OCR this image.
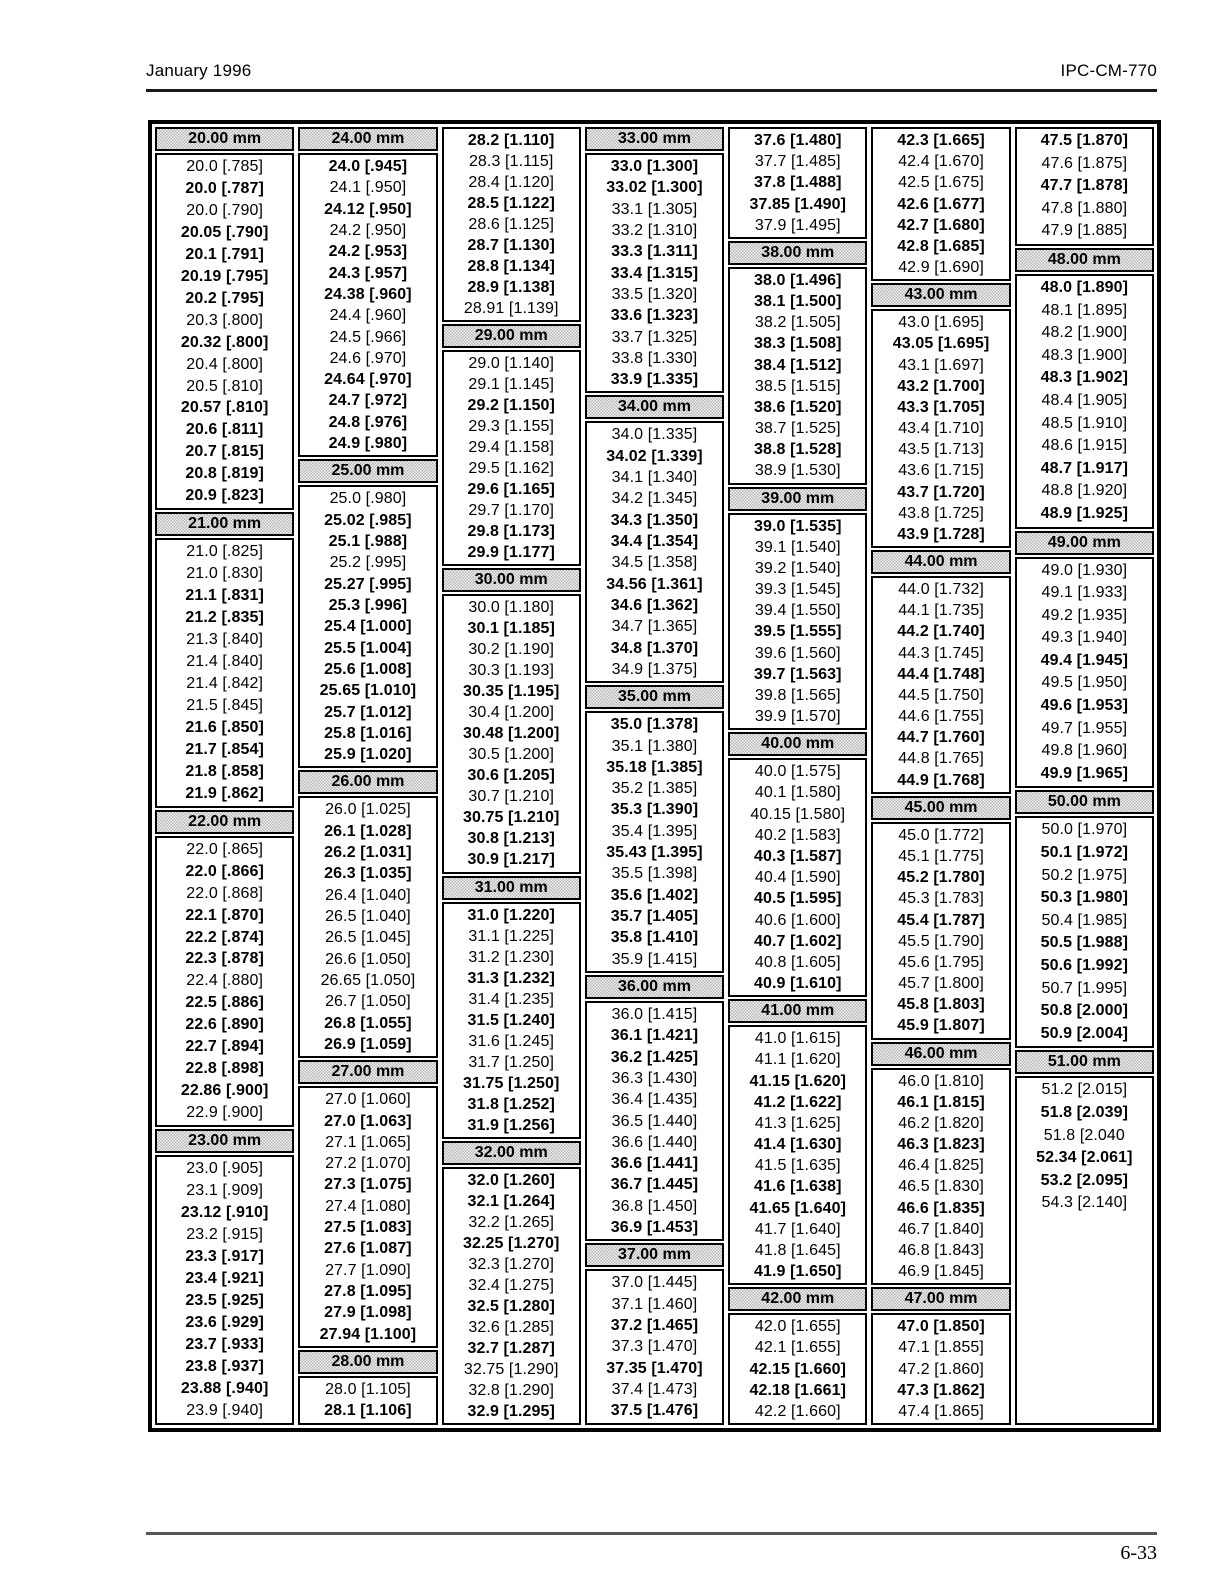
January 1996	IPC-CM-770
20.00 mm
20.0 [.785]
20.0 [.787]
20.0 [.790]
20.05 [.790]
20.1 [.791]
20.19 [.795]
20.2 [.795]
20.3 [.800]
20.32 [.800]
20.4 [.800]
20.5 [.810]
20.57 [.810]
20.6 [.811]
20.7 [.815]
20.8 [.819]
20.9 [.823]
21.00 mm
21.0 [.825]
21.0 [.830]
21.1 [.831]
21.2 [.835]
21.3 [.840]
21.4 [.840]
21.4 [.842]
21.5 [.845]
21.6 [.850]
21.7 [.854]
21.8 [.858]
21.9 [.862]
22.00 mm
22.0 [.865]
22.0 [.866]
22.0 [.868]
22.1 [.870]
22.2 [.874]
22.3 [.878]
22.4 [.880]
22.5 [.886]
22.6 [.890]
22.7 [.894]
22.8 [.898]
22.86 [.900]
22.9 [.900]
23.00 mm
23.0 [.905]
23.1 [.909]
23.12 [.910]
23.2 [.915]
23.3 [.917]
23.4 [.921]
23.5 [.925]
23.6 [.929]
23.7 [.933]
23.8 [.937]
23.88 [.940]
23.9 [.940]
24.00 mm
24.0 [.945]
24.1 [.950]
24.12 [.950]
24.2 [.950]
24.2 [.953]
24.3 [.957]
24.38 [.960]
24.4 [.960]
24.5 [.966]
24.6 [.970]
24.64 [.970]
24.7 [.972]
24.8 [.976]
24.9 [.980]
25.00 mm
25.0 [.980]
25.02 [.985]
25.1 [.988]
25.2 [.995]
25.27 [.995]
25.3 [.996]
25.4 [1.000]
25.5 [1.004]
25.6 [1.008]
25.65 [1.010]
25.7 [1.012]
25.8 [1.016]
25.9 [1.020]
26.00 mm
26.0 [1.025]
26.1 [1.028]
26.2 [1.031]
26.3 [1.035]
26.4 [1.040]
26.5 [1.040]
26.5 [1.045]
26.6 [1.050]
26.65 [1.050]
26.7 [1.050]
26.8 [1.055]
26.9 [1.059]
27.00 mm
27.0 [1.060]
27.0 [1.063]
27.1 [1.065]
27.2 [1.070]
27.3 [1.075]
27.4 [1.080]
27.5 [1.083]
27.6 [1.087]
27.7 [1.090]
27.8 [1.095]
27.9 [1.098]
27.94 [1.100]
28.00 mm
28.0 [1.105]
28.1 [1.106]
28.2 [1.110]
28.3 [1.115]
28.4 [1.120]
28.5 [1.122]
28.6 [1.125]
28.7 [1.130]
28.8 [1.134]
28.9 [1.138]
28.91 [1.139]
29.00 mm
29.0 [1.140]
29.1 [1.145]
29.2 [1.150]
29.3 [1.155]
29.4 [1.158]
29.5 [1.162]
29.6 [1.165]
29.7 [1.170]
29.8 [1.173]
29.9 [1.177]
30.00 mm
30.0 [1.180]
30.1 [1.185]
30.2 [1.190]
30.3 [1.193]
30.35 [1.195]
30.4 [1.200]
30.48 [1.200]
30.5 [1.200]
30.6 [1.205]
30.7 [1.210]
30.75 [1.210]
30.8 [1.213]
30.9 [1.217]
31.00 mm
31.0 [1.220]
31.1 [1.225]
31.2 [1.230]
31.3 [1.232]
31.4 [1.235]
31.5 [1.240]
31.6 [1.245]
31.7 [1.250]
31.75 [1.250]
31.8 [1.252]
31.9 [1.256]
32.00 mm
32.0 [1.260]
32.1 [1.264]
32.2 [1.265]
32.25 [1.270]
32.3 [1.270]
32.4 [1.275]
32.5 [1.280]
32.6 [1.285]
32.7 [1.287]
32.75 [1.290]
32.8 [1.290]
32.9 [1.295]
33.00 mm
33.0 [1.300]
33.02 [1.300]
33.1 [1.305]
33.2 [1.310]
33.3 [1.311]
33.4 [1.315]
33.5 [1.320]
33.6 [1.323]
33.7 [1.325]
33.8 [1.330]
33.9 [1.335]
34.00 mm
34.0 [1.335]
34.02 [1.339]
34.1 [1.340]
34.2 [1.345]
34.3 [1.350]
34.4 [1.354]
34.5 [1.358]
34.56 [1.361]
34.6 [1.362]
34.7 [1.365]
34.8 [1.370]
34.9 [1.375]
35.00 mm
35.0 [1.378]
35.1 [1.380]
35.18 [1.385]
35.2 [1.385]
35.3 [1.390]
35.4 [1.395]
35.43 [1.395]
35.5 [1.398]
35.6 [1.402]
35.7 [1.405]
35.8 [1.410]
35.9 [1.415]
36.00 mm
36.0 [1.415]
36.1 [1.421]
36.2 [1.425]
36.3 [1.430]
36.4 [1.435]
36.5 [1.440]
36.6 [1.440]
36.6 [1.441]
36.7 [1.445]
36.8 [1.450]
36.9 [1.453]
37.00 mm
37.0 [1.445]
37.1 [1.460]
37.2 [1.465]
37.3 [1.470]
37.35 [1.470]
37.4 [1.473]
37.5 [1.476]
37.6 [1.480]
37.7 [1.485]
37.8 [1.488]
37.85 [1.490]
37.9 [1.495]
38.00 mm
38.0 [1.496]
38.1 [1.500]
38.2 [1.505]
38.3 [1.508]
38.4 [1.512]
38.5 [1.515]
38.6 [1.520]
38.7 [1.525]
38.8 [1.528]
38.9 [1.530]
39.00 mm
39.0 [1.535]
39.1 [1.540]
39.2 [1.540]
39.3 [1.545]
39.4 [1.550]
39.5 [1.555]
39.6 [1.560]
39.7 [1.563]
39.8 [1.565]
39.9 [1.570]
40.00 mm
40.0 [1.575]
40.1 [1.580]
40.15 [1.580]
40.2 [1.583]
40.3 [1.587]
40.4 [1.590]
40.5 [1.595]
40.6 [1.600]
40.7 [1.602]
40.8 [1.605]
40.9 [1.610]
41.00 mm
41.0 [1.615]
41.1 [1.620]
41.15 [1.620]
41.2 [1.622]
41.3 [1.625]
41.4 [1.630]
41.5 [1.635]
41.6 [1.638]
41.65 [1.640]
41.7 [1.640]
41.8 [1.645]
41.9 [1.650]
42.00 mm
42.0 [1.655]
42.1 [1.655]
42.15 [1.660]
42.18 [1.661]
42.2 [1.660]
42.3 [1.665]
42.4 [1.670]
42.5 [1.675]
42.6 [1.677]
42.7 [1.680]
42.8 [1.685]
42.9 [1.690]
43.00 mm
43.0 [1.695]
43.05 [1.695]
43.1 [1.697]
43.2 [1.700]
43.3 [1.705]
43.4 [1.710]
43.5 [1.713]
43.6 [1.715]
43.7 [1.720]
43.8 [1.725]
43.9 [1.728]
44.00 mm
44.0 [1.732]
44.1 [1.735]
44.2 [1.740]
44.3 [1.745]
44.4 [1.748]
44.5 [1.750]
44.6 [1.755]
44.7 [1.760]
44.8 [1.765]
44.9 [1.768]
45.00 mm
45.0 [1.772]
45.1 [1.775]
45.2 [1.780]
45.3 [1.783]
45.4 [1.787]
45.5 [1.790]
45.6 [1.795]
45.7 [1.800]
45.8 [1.803]
45.9 [1.807]
46.00 mm
46.0 [1.810]
46.1 [1.815]
46.2 [1.820]
46.3 [1.823]
46.4 [1.825]
46.5 [1.830]
46.6 [1.835]
46.7 [1.840]
46.8 [1.843]
46.9 [1.845]
47.00 mm
47.0 [1.850]
47.1 [1.855]
47.2 [1.860]
47.3 [1.862]
47.4 [1.865]
47.5 [1.870]
47.6 [1.875]
47.7 [1.878]
47.8 [1.880]
47.9 [1.885]
48.00 mm
48.0 [1.890]
48.1 [1.895]
48.2 [1.900]
48.3 [1.900]
48.3 [1.902]
48.4 [1.905]
48.5 [1.910]
48.6 [1.915]
48.7 [1.917]
48.8 [1.920]
48.9 [1.925]
49.00 mm
49.0 [1.930]
49.1 [1.933]
49.2 [1.935]
49.3 [1.940]
49.4 [1.945]
49.5 [1.950]
49.6 [1.953]
49.7 [1.955]
49.8 [1.960]
49.9 [1.965]
50.00 mm
50.0 [1.970]
50.1 [1.972]
50.2 [1.975]
50.3 [1.980]
50.4 [1.985]
50.5 [1.988]
50.6 [1.992]
50.7 [1.995]
50.8 [2.000]
50.9 [2.004]
51.00 mm
51.2 [2.015]
51.8 [2.039]
51.8 [2.040
52.34 [2.061]
53.2 [2.095]
54.3 [2.140]
6-33
